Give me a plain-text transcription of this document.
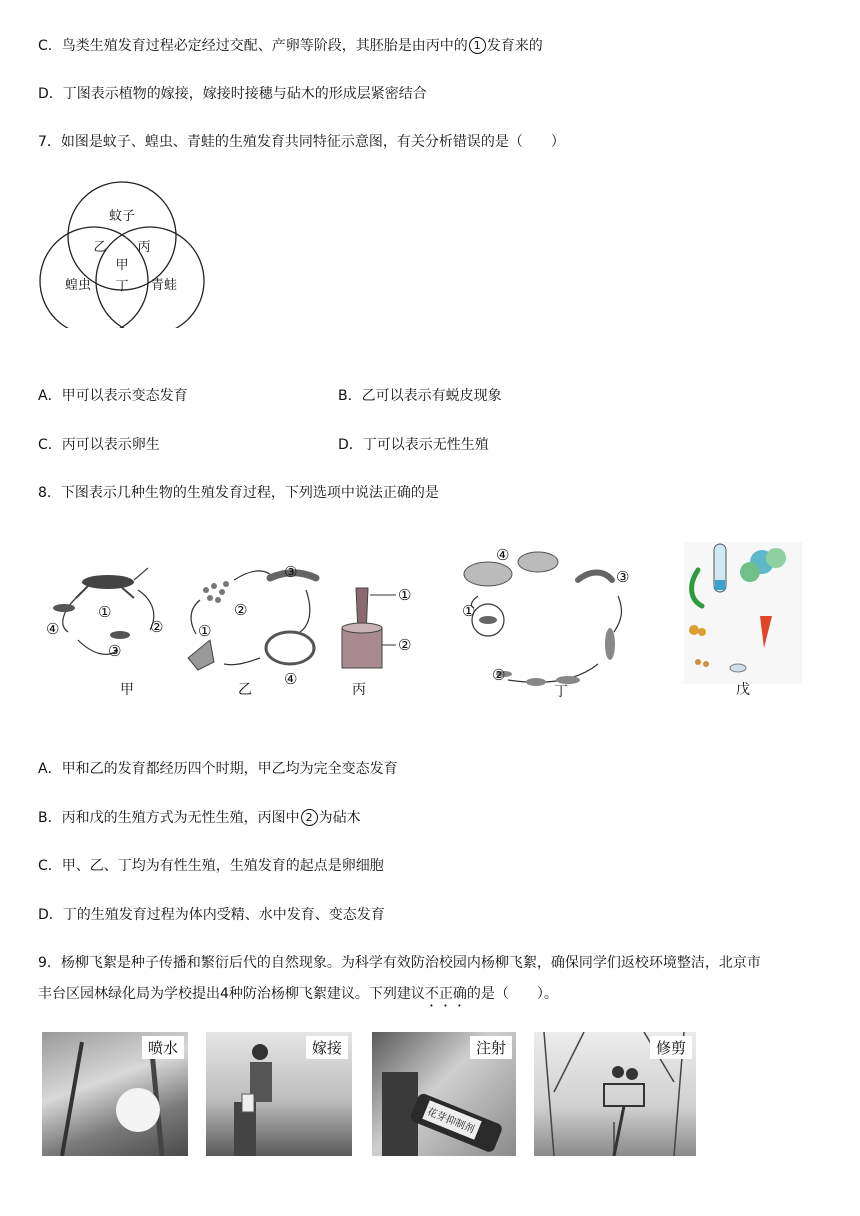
C．鸟类生殖发育过程必定经过交配、产卵等阶段，其胚胎是由丙中的 1 发育来的
D．丁图表示植物的嫁接，嫁接时接穗与砧木的形成层紧密结合
7．如图是蚊子、蝗虫、青蛙的生殖发育共同特征示意图，有关分析错误的是（　　）
蚊子
乙 丙
甲
蝗虫 丁 青蛙
A．甲可以表示变态发育	B．乙可以表示有蜕皮现象
C．丙可以表示卵生	D．丁可以表示无性生殖
8．下图表示几种生物的生殖发育过程，下列选项中说法正确的是
①
②
③
④
甲
②
③
①
④
乙
①
②
丙
④
③
①
②
丁	戊
A．甲和乙的发育都经历四个时期，甲乙均为完全变态发育
B．丙和戊的生殖方式为无性生殖，丙图中 2 为砧木
C．甲、乙、丁均为有性生殖，生殖发育的起点是卵细胞
D．丁的生殖发育过程为体内受精、水中发育、变态发育
9．杨柳飞絮是种子传播和繁衍后代的自然现象。为科学有效防治校园内杨柳飞絮，确保同学们返校环境整洁，北京市
丰台区园林绿化局为学校提出4种防治杨柳飞絮建议。下列建议不正确的是（　　）。
喷水	嫁接
花芽抑制剂
注射	修剪
